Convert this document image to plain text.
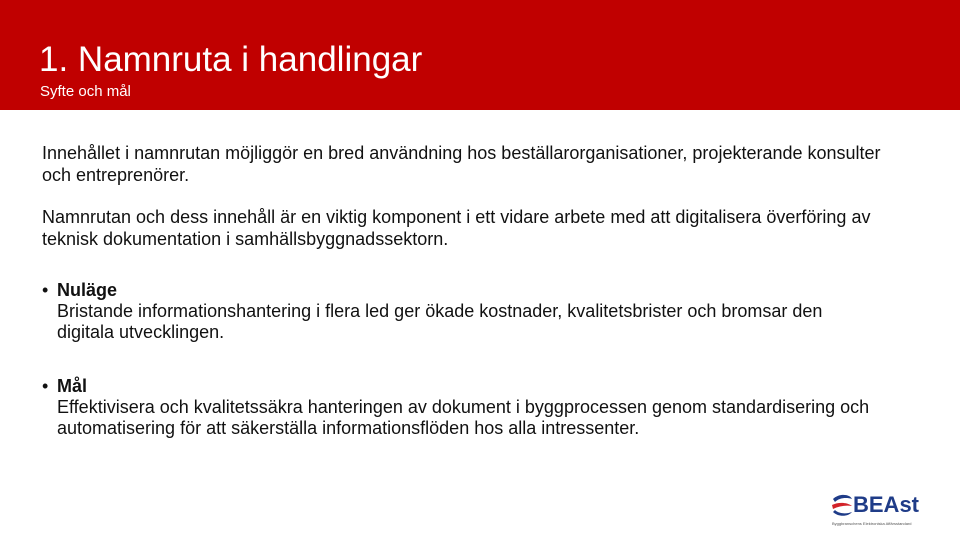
1. Namnruta i handlingar
Syfte och mål
Innehållet i namnrutan möjliggör en bred användning hos beställarorganisationer, projekterande konsulter och entreprenörer.
Namnrutan och dess innehåll är en viktig komponent i ett vidare arbete med att digitalisera överföring av teknisk dokumentation i samhällsbyggnadssektorn.
• Nuläge
Bristande informationshantering i flera led ger ökade kostnader, kvalitetsbrister och bromsar den digitala utvecklingen.
• Mål
Effektivisera och kvalitetssäkra hanteringen av dokument i byggprocessen genom standardisering och automatisering för att säkerställa informationsflöden hos alla intressenter.
BEAst
Byggbranschens Elektroniska Affärsstandard
